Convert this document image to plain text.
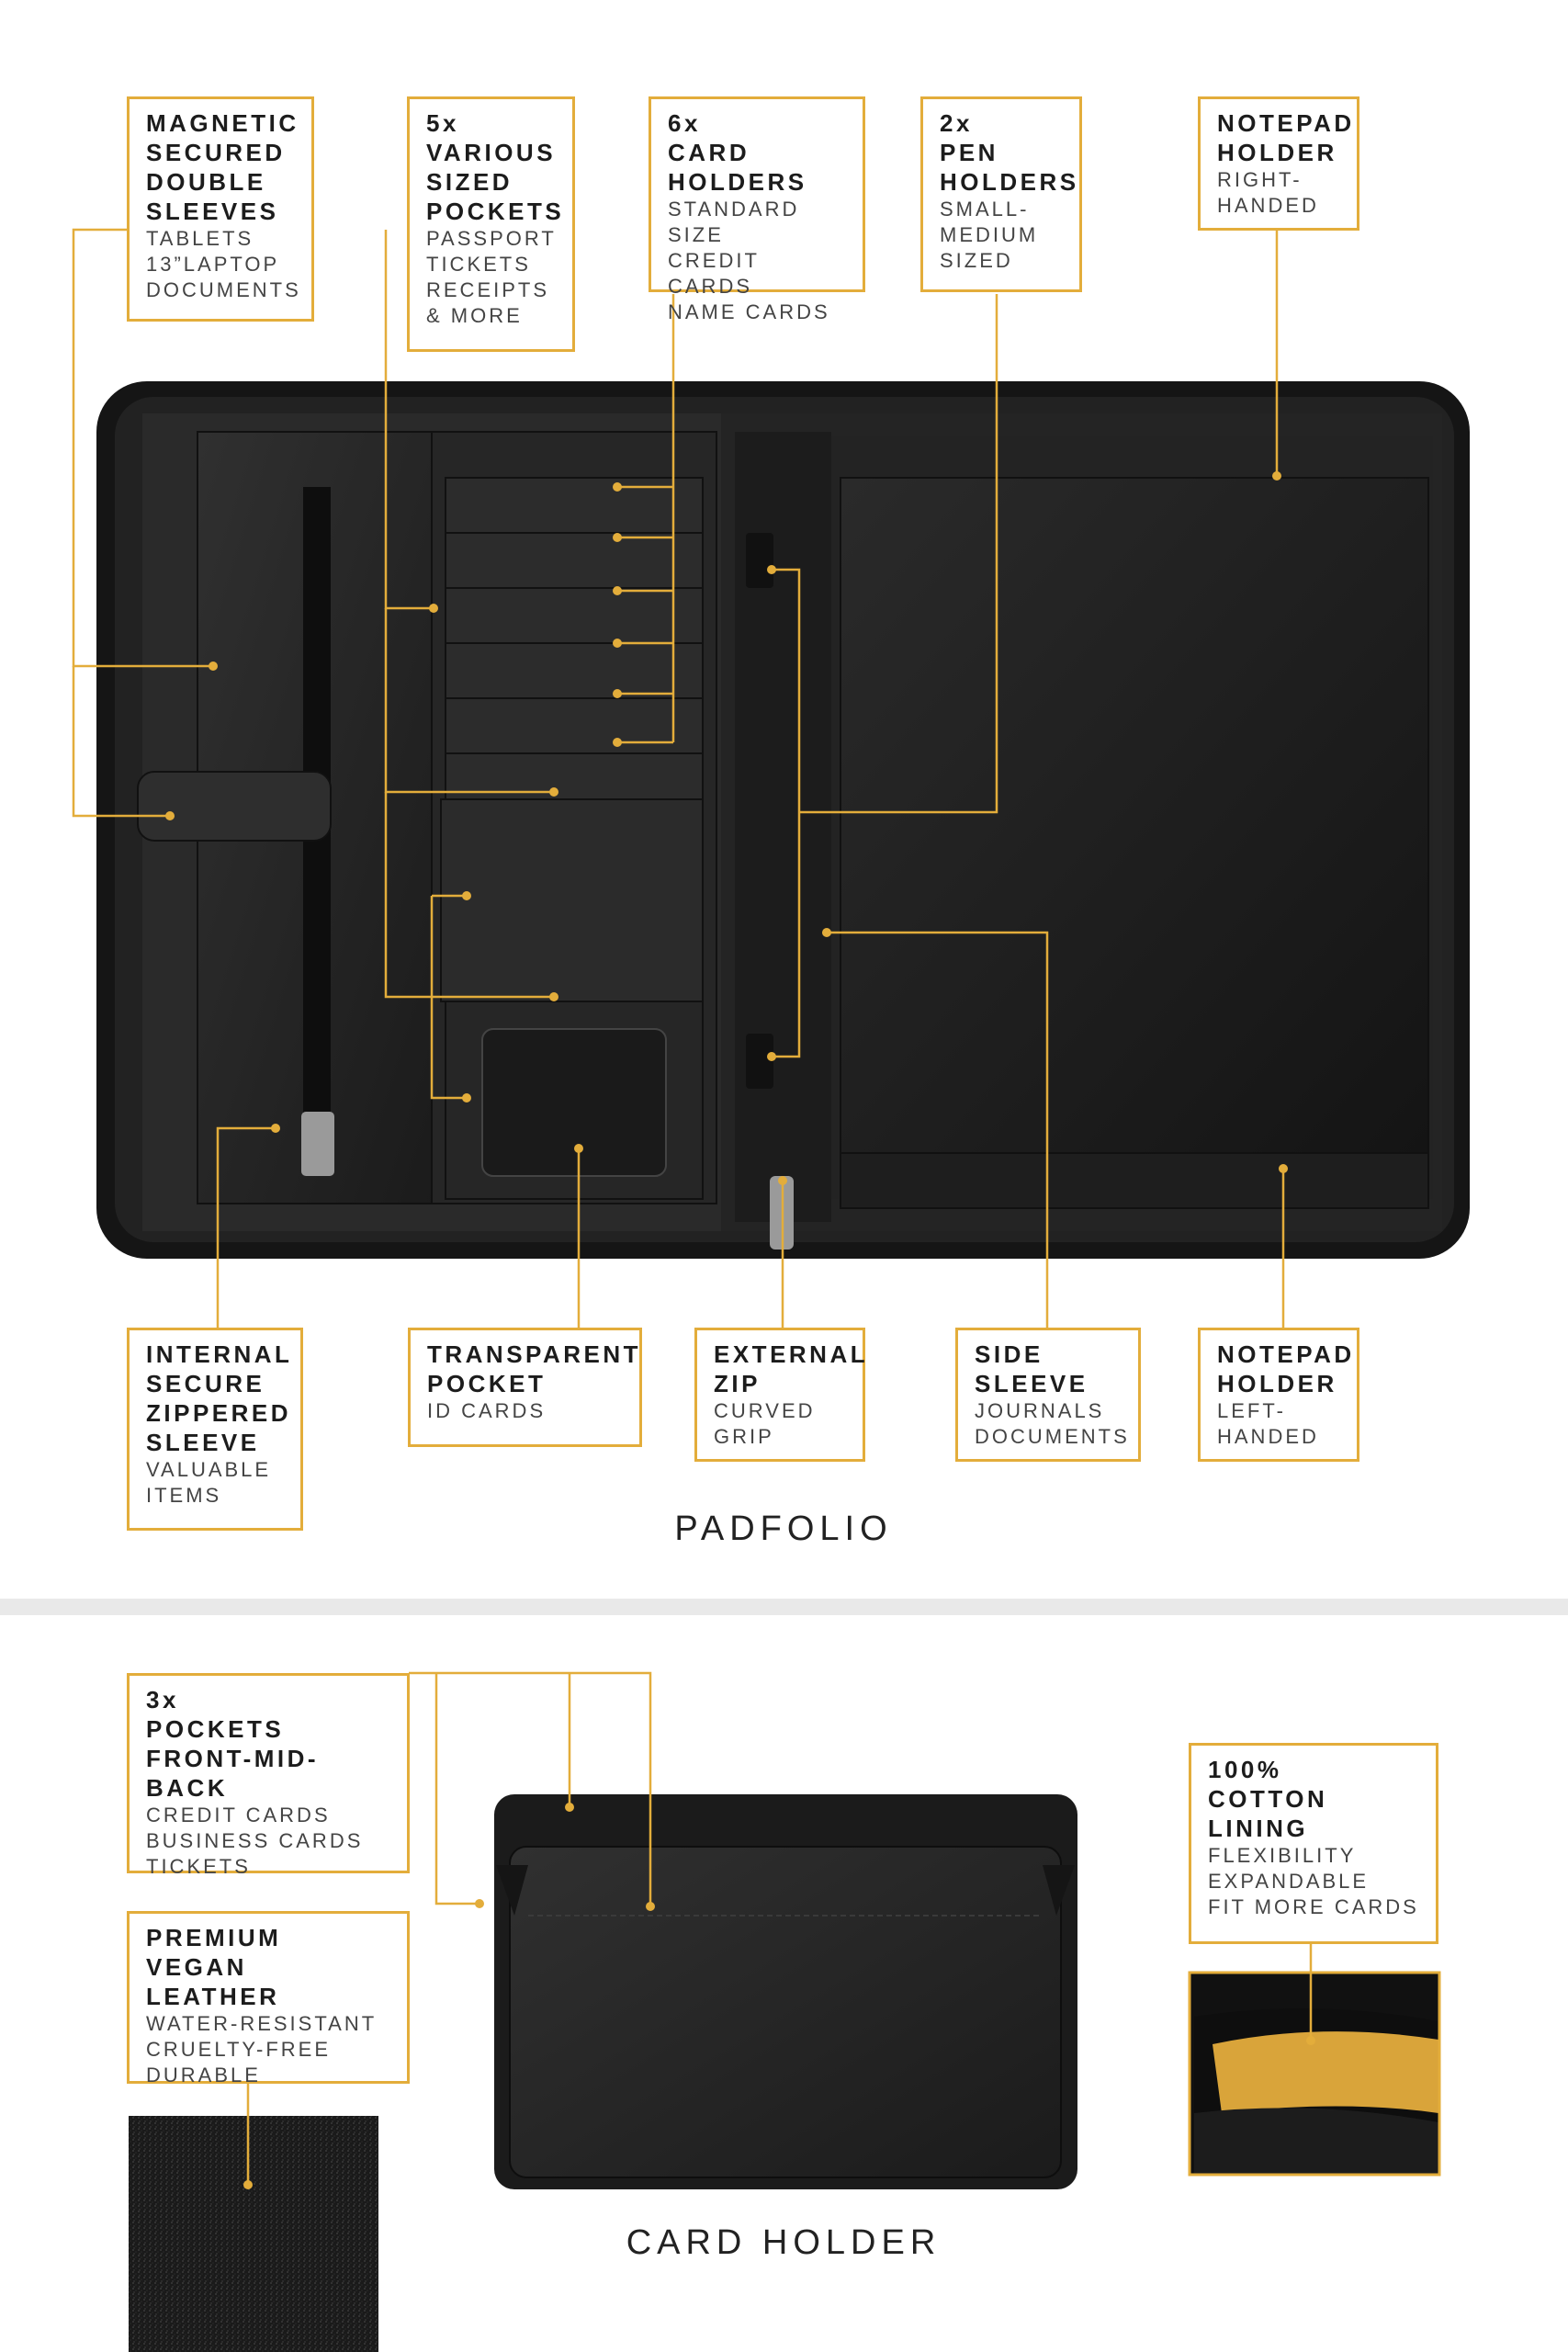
MAGNETIC
SECURED
DOUBLE
SLEEVES
TABLETS
13”LAPTOP
DOCUMENTS
5x
VARIOUS
SIZED
POCKETS
PASSPORT
TICKETS
RECEIPTS
& MORE
6x
CARD
HOLDERS
STANDARD SIZE
CREDIT CARDS
NAME CARDS
2x
PEN
HOLDERS
SMALL-
MEDIUM
SIZED
NOTEPAD
HOLDER
RIGHT-
HANDED
INTERNAL
SECURE
ZIPPERED
SLEEVE
VALUABLE
ITEMS
TRANSPARENT
POCKET
ID CARDS
EXTERNAL
ZIP
CURVED
GRIP
SIDE
SLEEVE
JOURNALS
DOCUMENTS
NOTEPAD
HOLDER
LEFT-
HANDED
PADFOLIO
3x
POCKETS
FRONT-MID-BACK
CREDIT CARDS
BUSINESS CARDS
TICKETS
PREMIUM VEGAN
LEATHER
WATER-RESISTANT
CRUELTY-FREE
DURABLE
100%
COTTON
LINING
FLEXIBILITY
EXPANDABLE
FIT MORE CARDS
CARD HOLDER
